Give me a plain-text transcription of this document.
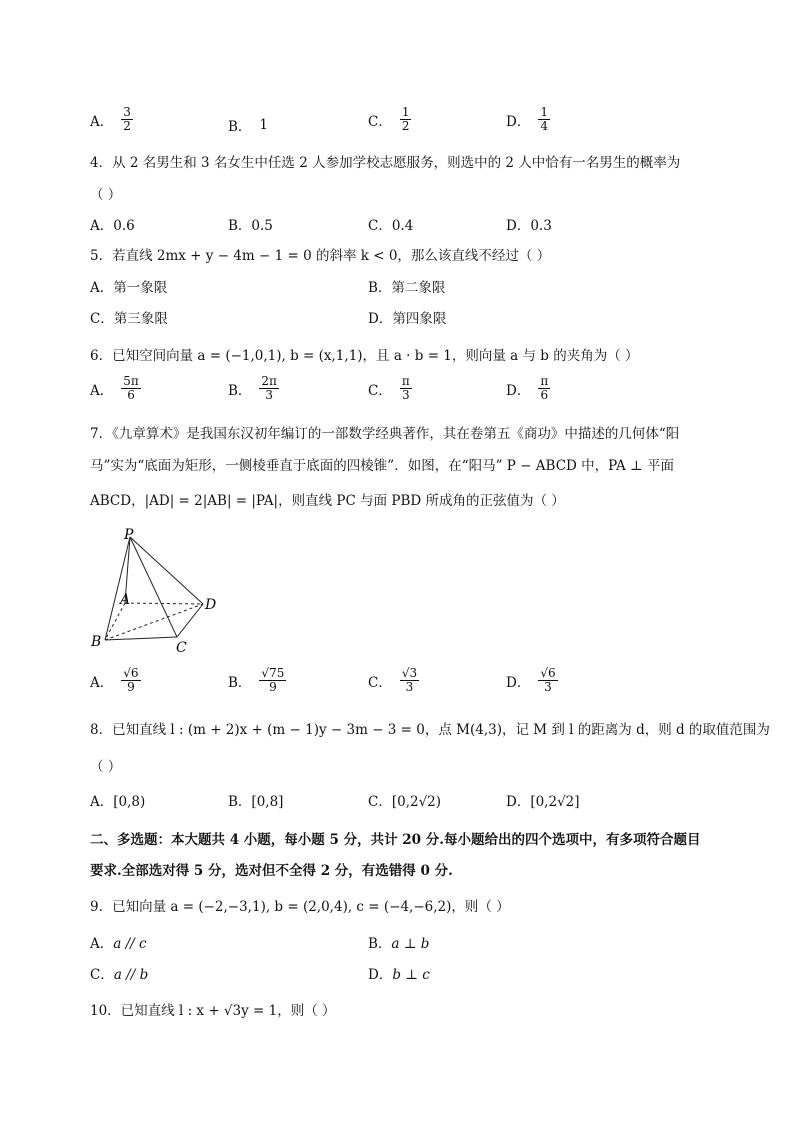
A． $\frac{3}{2}$	B． 1	C． $\frac{1}{2}$	D． $\frac{1}{4}$
4．从 2 名男生和 3 名女生中任选 2 人参加学校志愿服务，则选中的 2 人中恰有一名男生的概率为
（ ）
A．0.6	B．0.5	C．0.4	D．0.3
5．若直线 2mx + y − 4m − 1 = 0 的斜率 k < 0，那么该直线不经过（ ）
A．第一象限	B．第二象限
C．第三象限	D．第四象限
6．已知空间向量 a = (−1,0,1), b = (x,1,1)，且 a · b = 1，则向量 a 与 b 的夹角为（ ）
A． $\frac{5\pi}{6}$	B． $\frac{2\pi}{3}$	C． $\frac{\pi}{3}$	D． $\frac{\pi}{6}$
7．《九章算术》是我国东汉初年编订的一部数学经典著作，其在卷第五《商功》中描述的几何体“阳
马”实为“底面为矩形，一侧棱垂直于底面的四棱锥”．如图，在“阳马” P − ABCD 中，PA ⊥ 平面
ABCD，|AD| = 2|AB| = |PA|，则直线 PC 与面 PBD 所成角的正弦值为（ ）
P
A
B	C
D
A． $\frac{√6}{9}$	B． $\frac{√75}{9}$	C． $\frac{√3}{3}$	D． $\frac{√6}{3}$
8．已知直线 l : (m + 2)x + (m − 1)y − 3m − 3 = 0，点 M(4,3)，记 M 到 l 的距离为 d，则 d 的取值范围为
（ ）
A．[0,8)	B．[0,8]	C．[0,2√2)	D．[0,2√2]
二、多选题：本大题共 4 小题，每小题 5 分，共计 20 分.每小题给出的四个选项中，有多项符合题目
要求.全部选对得 5 分，选对但不全得 2 分，有选错得 0 分.
9．已知向量 a = (−2,−3,1), b = (2,0,4), c = (−4,−6,2)，则（ ）
A．a // c	B．a ⊥ b
C．a // b	D．b ⊥ c
10．已知直线 l : x + √3y = 1，则（ ）
